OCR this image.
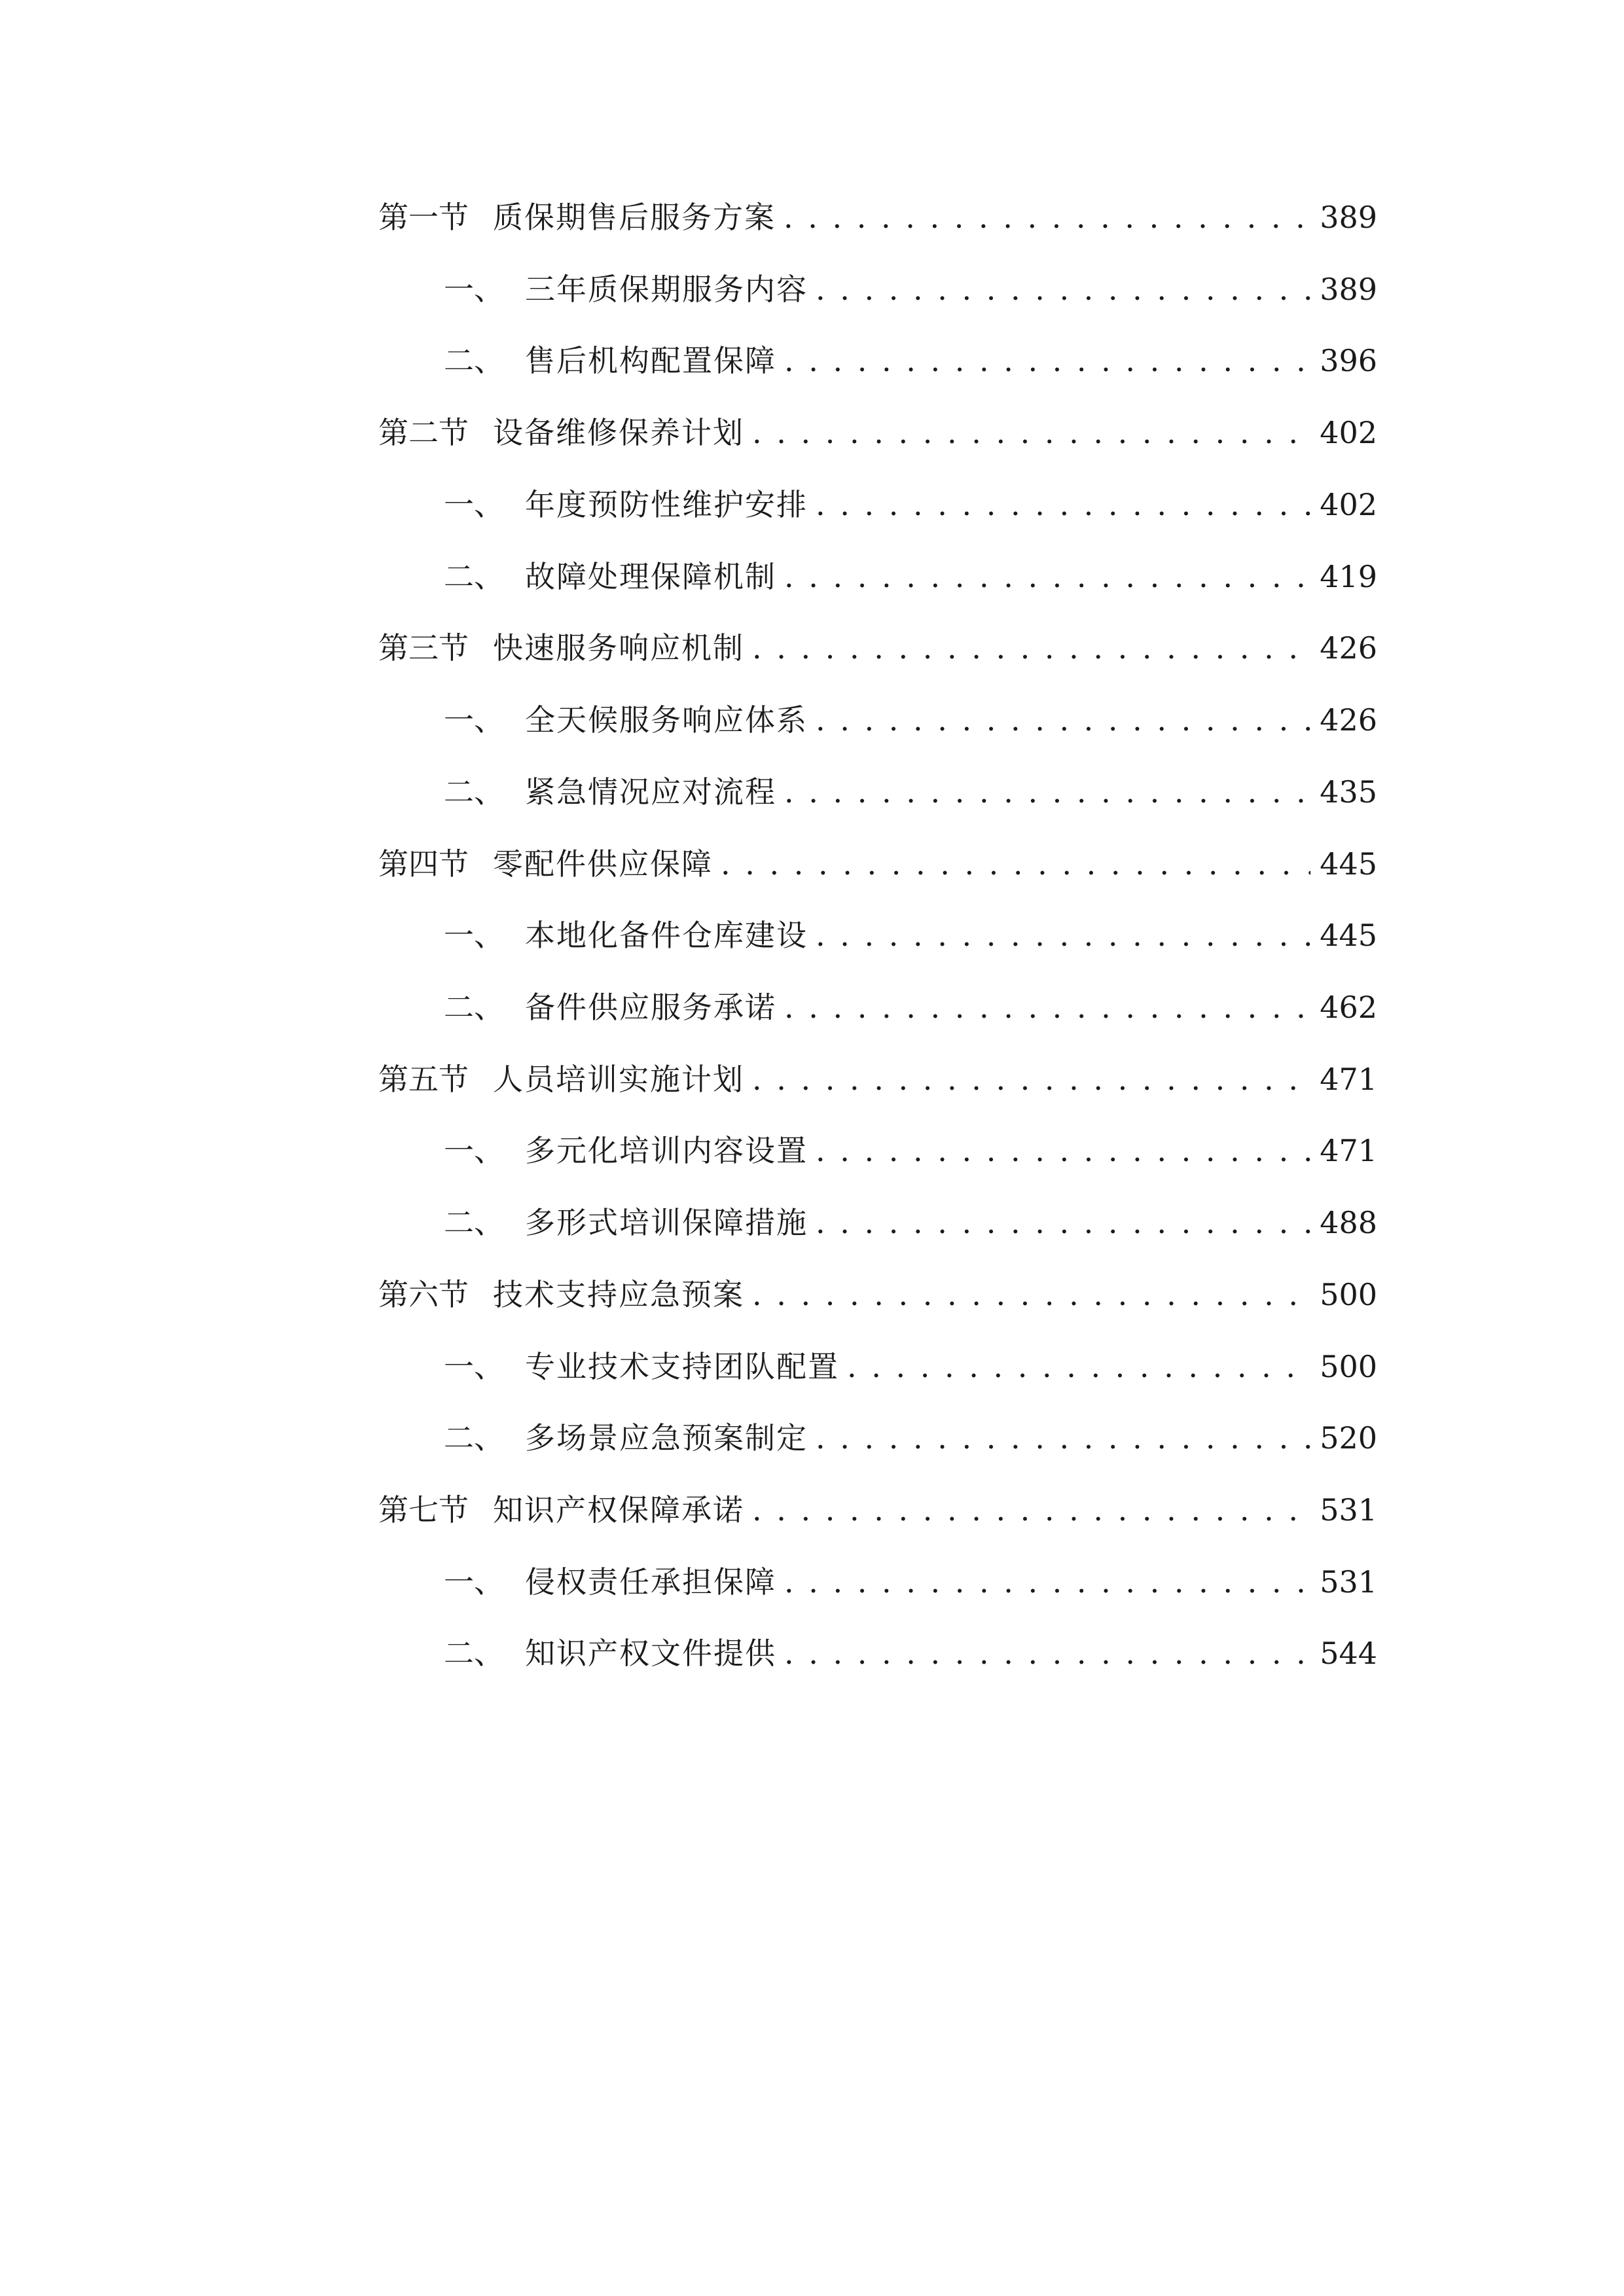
第一节 质保期售后服务方案 . . .	389
一、 三年质保期服务内容 . . .	389
二、 售后机构配置保障 . . .	396
第二节 设备维修保养计划 . . .	402
一、 年度预防性维护安排 . . .	402
二、 故障处理保障机制 . . .	419
第三节 快速服务响应机制 . . .	426
一、 全天候服务响应体系 . . .	426
二、 紧急情况应对流程 . . .	435
第四节 零配件供应保障 . . .	445
一、 本地化备件仓库建设 . . .	445
二、 备件供应服务承诺 . . .	462
第五节 人员培训实施计划 . . .	471
一、 多元化培训内容设置 . . .	471
二、 多形式培训保障措施 . . .	488
第六节 技术支持应急预案 . . .	500
一、 专业技术支持团队配置 . . .	500
二、 多场景应急预案制定 . . .	520
第七节 知识产权保障承诺 . . .	531
一、 侵权责任承担保障 . . .	531
二、 知识产权文件提供 . . .	544
